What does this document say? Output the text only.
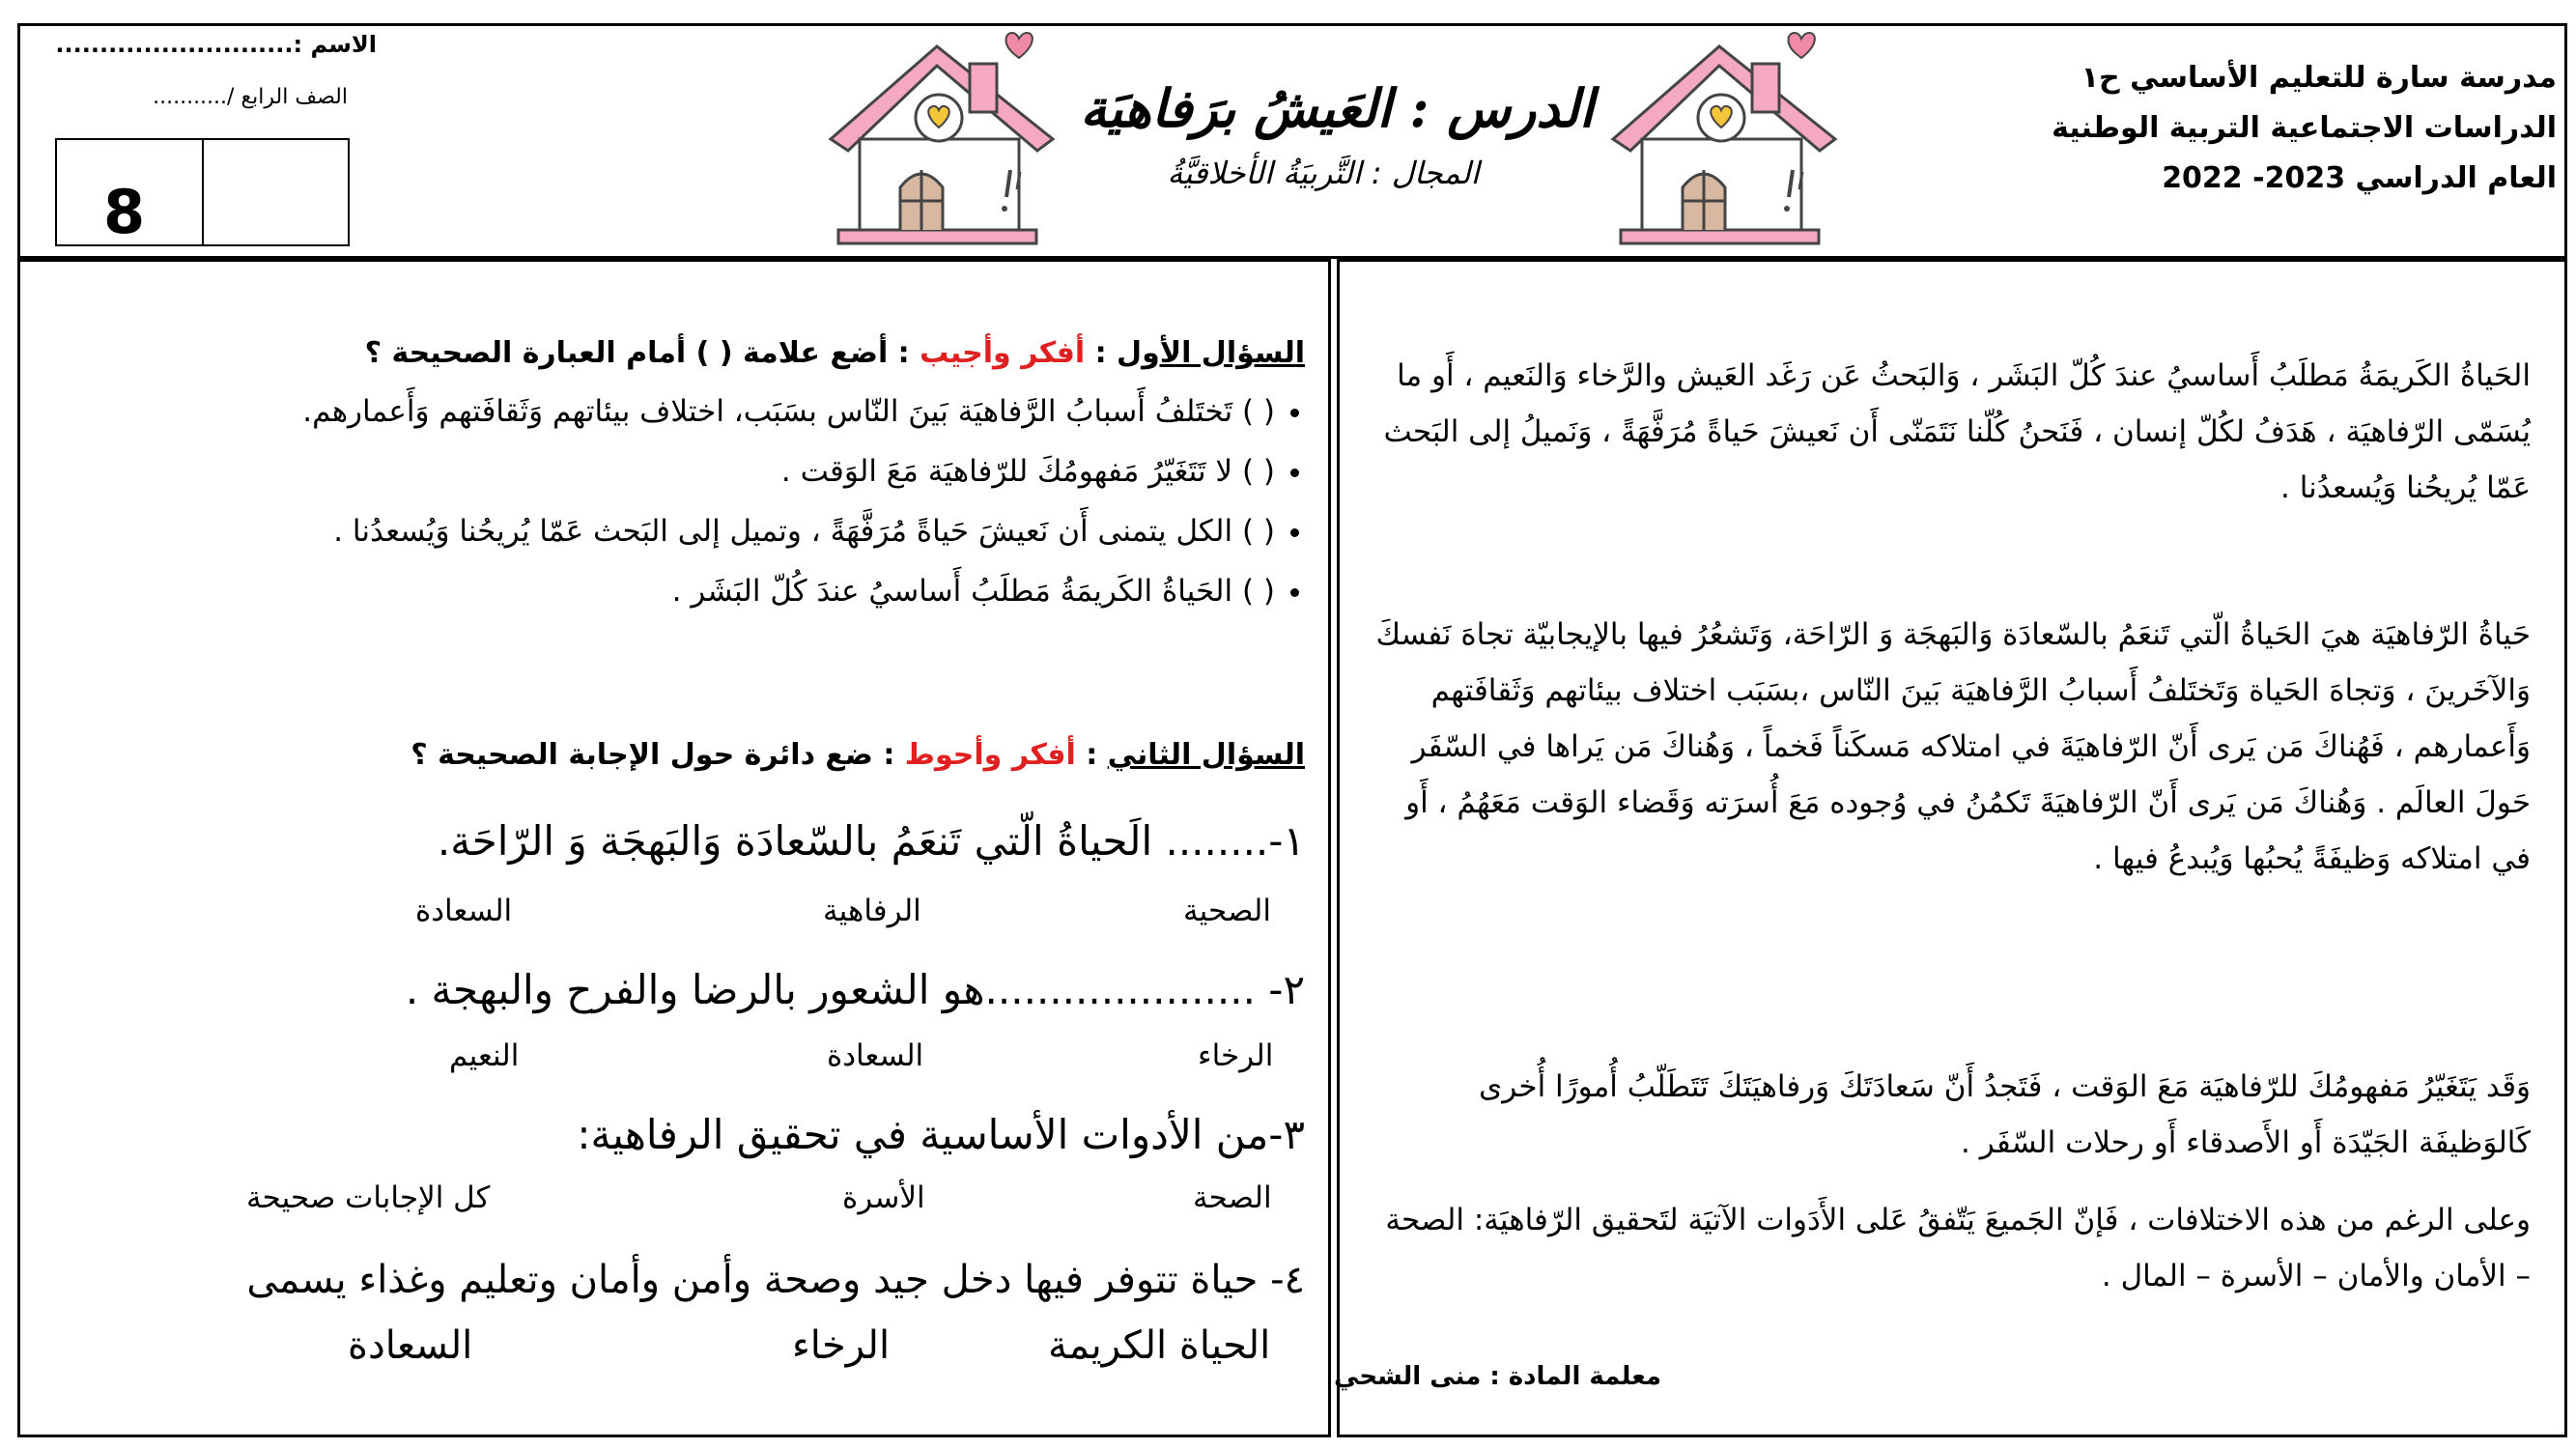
مدرسة سارة للتعليم الأساسي ح١
الدراسات الاجتماعية التربية الوطنية
العام الدراسي 2023- 2022
الاسم :...........................
الصف الرابع /...........
8
الدرس : العَيشُ برَفاهيَة
المجال : التَّربيَةُ الأخلاقيَّةُ
الحَياةُ الكَريمَةُ مَطلَبُ أَساسيُ عندَ كُلّ البَشَر ، وَالبَحثُ عَن رَغَد العَيش والرَّخاء وَالنَعيم ، أَو ما يُسَمّى الرّفاهيَة ، هَدَفُ لكُلّ إنسان ، فَنَحنُ كُلّنا نَتَمَنّى أَن نَعيشَ حَياةً مُرَفَّهَةً ، وَنَميلُ إلى البَحث عَمّا يُريحُنا وَيُسعدُنا .
حَياةُ الرّفاهيَة هيَ الحَياةُ الّتي تَنعَمُ بالسّعادَة وَالبَهجَة وَ الرّاحَة، وَتَشعُرُ فيها بالإيجابيّة تجاهَ نَفسكَ وَالآخَرينَ ، وَتجاهَ الحَياة وَتَختَلفُ أَسبابُ الرَّفاهيَة بَينَ النّاس ،بسَبَب اختلاف بيئاتهم وَثَقافَتهم وَأَعمارهم ، فَهُناكَ مَن يَرى أَنّ الرّفاهيَةَ في امتلاكه مَسكَناً فَخماً ، وَهُناكَ مَن يَراها في السّفَر حَولَ العالَم . وَهُناكَ مَن يَرى أَنّ الرّفاهيَةَ تَكمُنُ في وُجوده مَعَ أُسرَته وَقَضاء الوَقت مَعَهُمُ ، أَو في امتلاكه وَظيفَةً يُحبُها وَيُبدعُ فيها .
وَقَد يَتَغَيّرُ مَفهومُكَ للرّفاهيَة مَعَ الوَقت ، فَتَجدُ أَنّ سَعادَتَكَ وَرفاهيَتَكَ تَتَطَلّبُ أُمورًا أُخرى كَالوَظيفَة الجَيّدَة أَو الأَصدقاء أَو رحلات السّفَر .
وعلى الرغم من هذه الاختلافات ، فَإنّ الجَميعَ يَتّفقُ عَلى الأَدَوات الآتيَة لتَحقيق الرّفاهيَة: الصحة – الأمان والأمان – الأسرة – المال .
معلمة المادة : منى الشحي
السؤال الأول : أفكر وأجيب : أضع علامة ( ) أمام العبارة الصحيحة ؟
• ( ) تَختَلفُ أَسبابُ الرَّفاهيَة بَينَ النّاس بسَبَب، اختلاف بيئاتهم وَثَقافَتهم وَأَعمارهم.
• ( ) لا تَتَغَيّرُ مَفهومُكَ للرّفاهيَة مَعَ الوَقت .
• ( ) الكل يتمنى أَن نَعيشَ حَياةً مُرَفَّهَةً ، وتميل إلى البَحث عَمّا يُريحُنا وَيُسعدُنا .
• ( ) الحَياةُ الكَريمَةُ مَطلَبُ أَساسيُ عندَ كُلّ البَشَر .
السؤال الثاني : أفكر وأحوط : ضع دائرة حول الإجابة الصحيحة ؟
١-........ الَحياةُ الّتي تَنعَمُ بالسّعادَة وَالبَهجَة وَ الرّاحَة.
الصحية
الرفاهية
السعادة
٢- .....................هو الشعور بالرضا والفرح والبهجة .
الرخاء
السعادة
النعيم
٣-من الأدوات الأساسية في تحقيق الرفاهية:
الصحة
الأسرة
كل الإجابات صحيحة
٤- حياة تتوفر فيها دخل جيد وصحة وأمن وأمان وتعليم وغذاء يسمى
الحياة الكريمة
الرخاء
السعادة
